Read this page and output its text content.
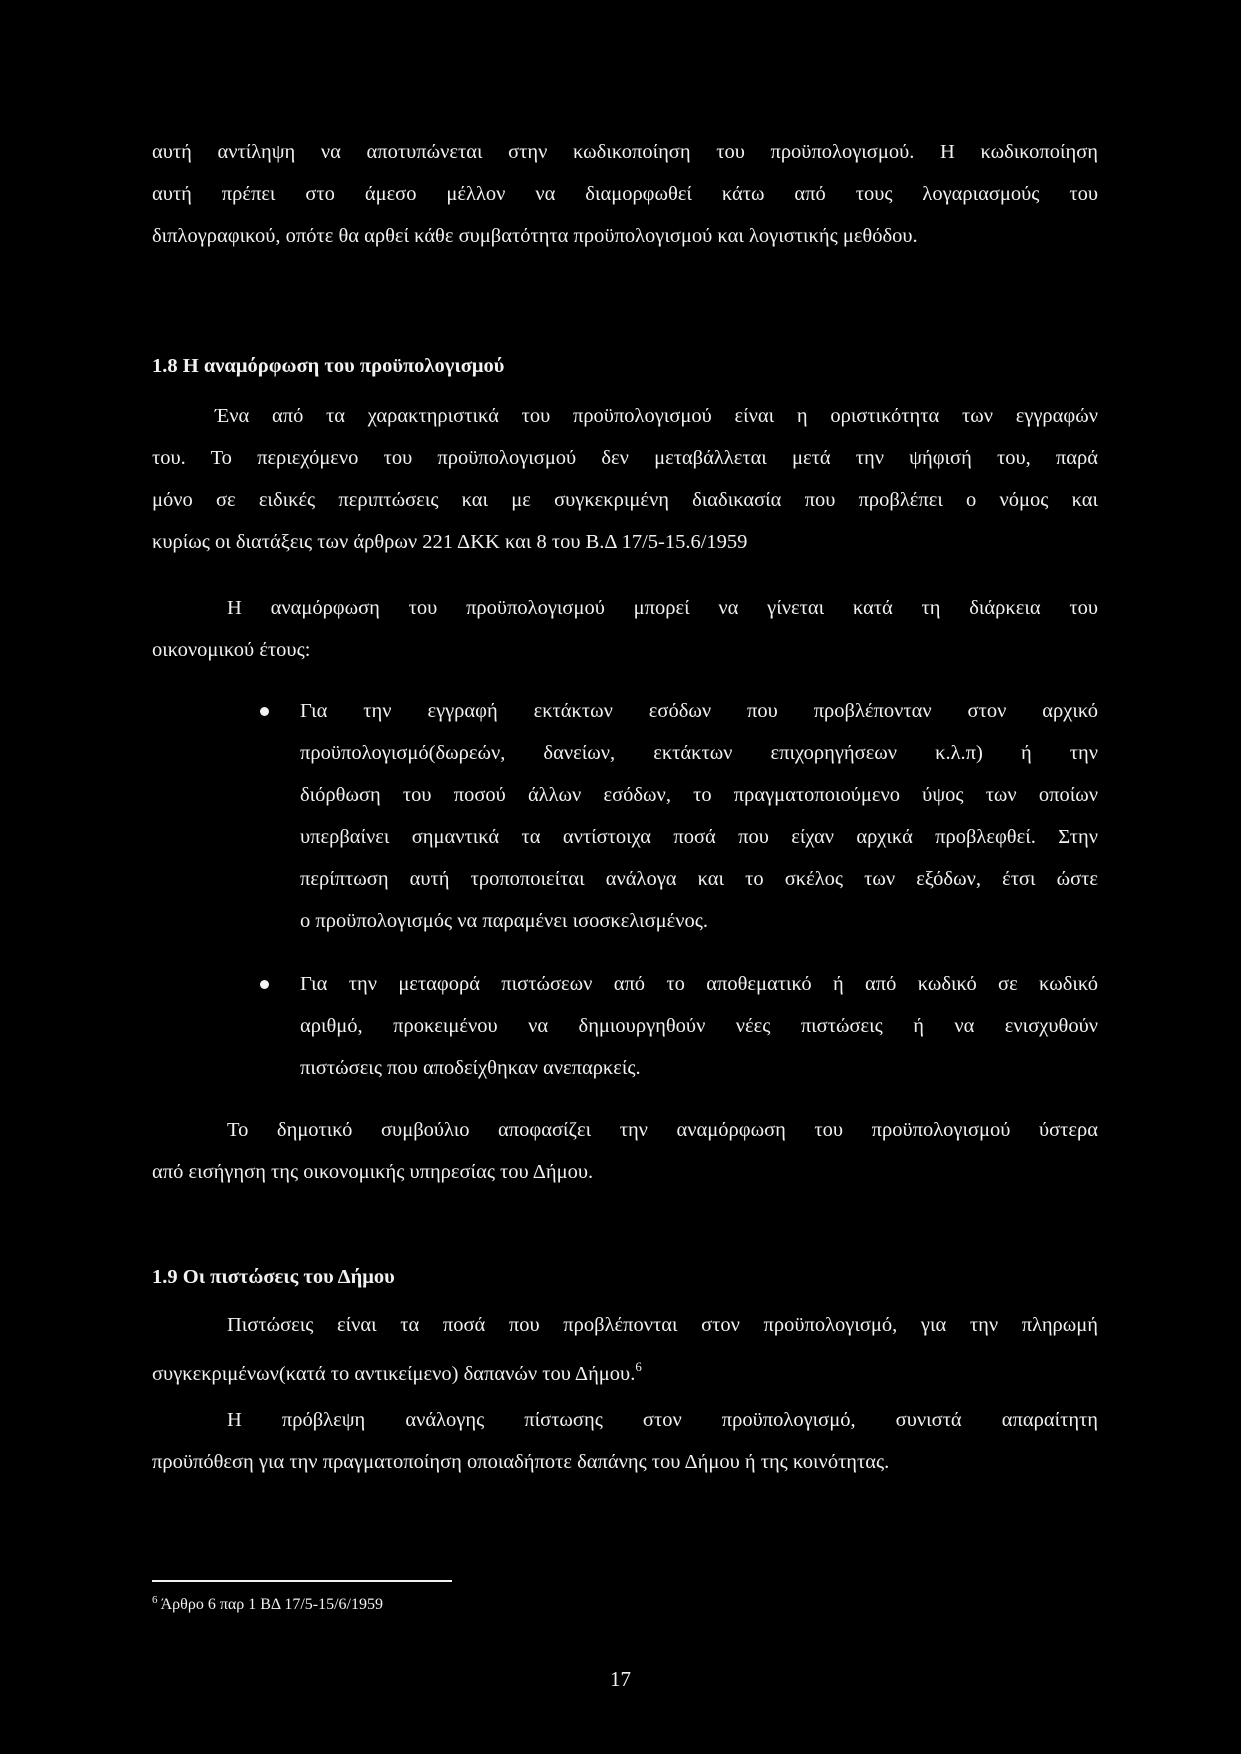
αυτή αντίληψη να αποτυπώνεται στην κωδικοποίηση του προϋπολογισμού. Η κωδικοποίηση
αυτή πρέπει στο άμεσο μέλλον να διαμορφωθεί κάτω από τους λογαριασμούς του
διπλογραφικού, οπότε θα αρθεί κάθε συμβατότητα προϋπολογισμού και λογιστικής μεθόδου.
1.8 Η αναμόρφωση του προϋπολογισμού
Ένα από τα χαρακτηριστικά του προϋπολογισμού είναι η οριστικότητα των εγγραφών
του. Το περιεχόμενο του προϋπολογισμού δεν μεταβάλλεται μετά την ψήφισή του, παρά
μόνο σε ειδικές περιπτώσεις και με συγκεκριμένη διαδικασία που προβλέπει ο νόμος και
κυρίως οι διατάξεις των άρθρων 221 ΔΚΚ και 8 του Β.Δ 17/5-15.6/1959
Η αναμόρφωση του προϋπολογισμού μπορεί να γίνεται κατά τη διάρκεια του
οικονομικού έτους:
Για την εγγραφή εκτάκτων εσόδων που προβλέπονταν στον αρχικό
προϋπολογισμό(δωρεών, δανείων, εκτάκτων επιχορηγήσεων κ.λ.π) ή την
διόρθωση του ποσού άλλων εσόδων, το πραγματοποιούμενο ύψος των οποίων
υπερβαίνει σημαντικά τα αντίστοιχα ποσά που είχαν αρχικά προβλεφθεί. Στην
περίπτωση αυτή τροποποιείται ανάλογα και το σκέλος των εξόδων, έτσι ώστε
ο προϋπολογισμός να παραμένει ισοσκελισμένος.
Για την μεταφορά πιστώσεων από το αποθεματικό ή από κωδικό σε κωδικό
αριθμό, προκειμένου να δημιουργηθούν νέες πιστώσεις ή να ενισχυθούν
πιστώσεις που αποδείχθηκαν ανεπαρκείς.
Το δημοτικό συμβούλιο αποφασίζει την αναμόρφωση του προϋπολογισμού ύστερα
από εισήγηση της οικονομικής υπηρεσίας του Δήμου.
1.9 Οι πιστώσεις του Δήμου
Πιστώσεις είναι τα ποσά που προβλέπονται στον προϋπολογισμό, για την πληρωμή
συγκεκριμένων(κατά το αντικείμενο) δαπανών του Δήμου.$^6$
Η πρόβλεψη ανάλογης πίστωσης στον προϋπολογισμό, συνιστά απαραίτητη
προϋπόθεση για την πραγματοποίηση οποιαδήποτε δαπάνης του Δήμου ή της κοινότητας.
$^6$ Άρθρο 6 παρ 1 ΒΔ 17/5-15/6/1959
17
